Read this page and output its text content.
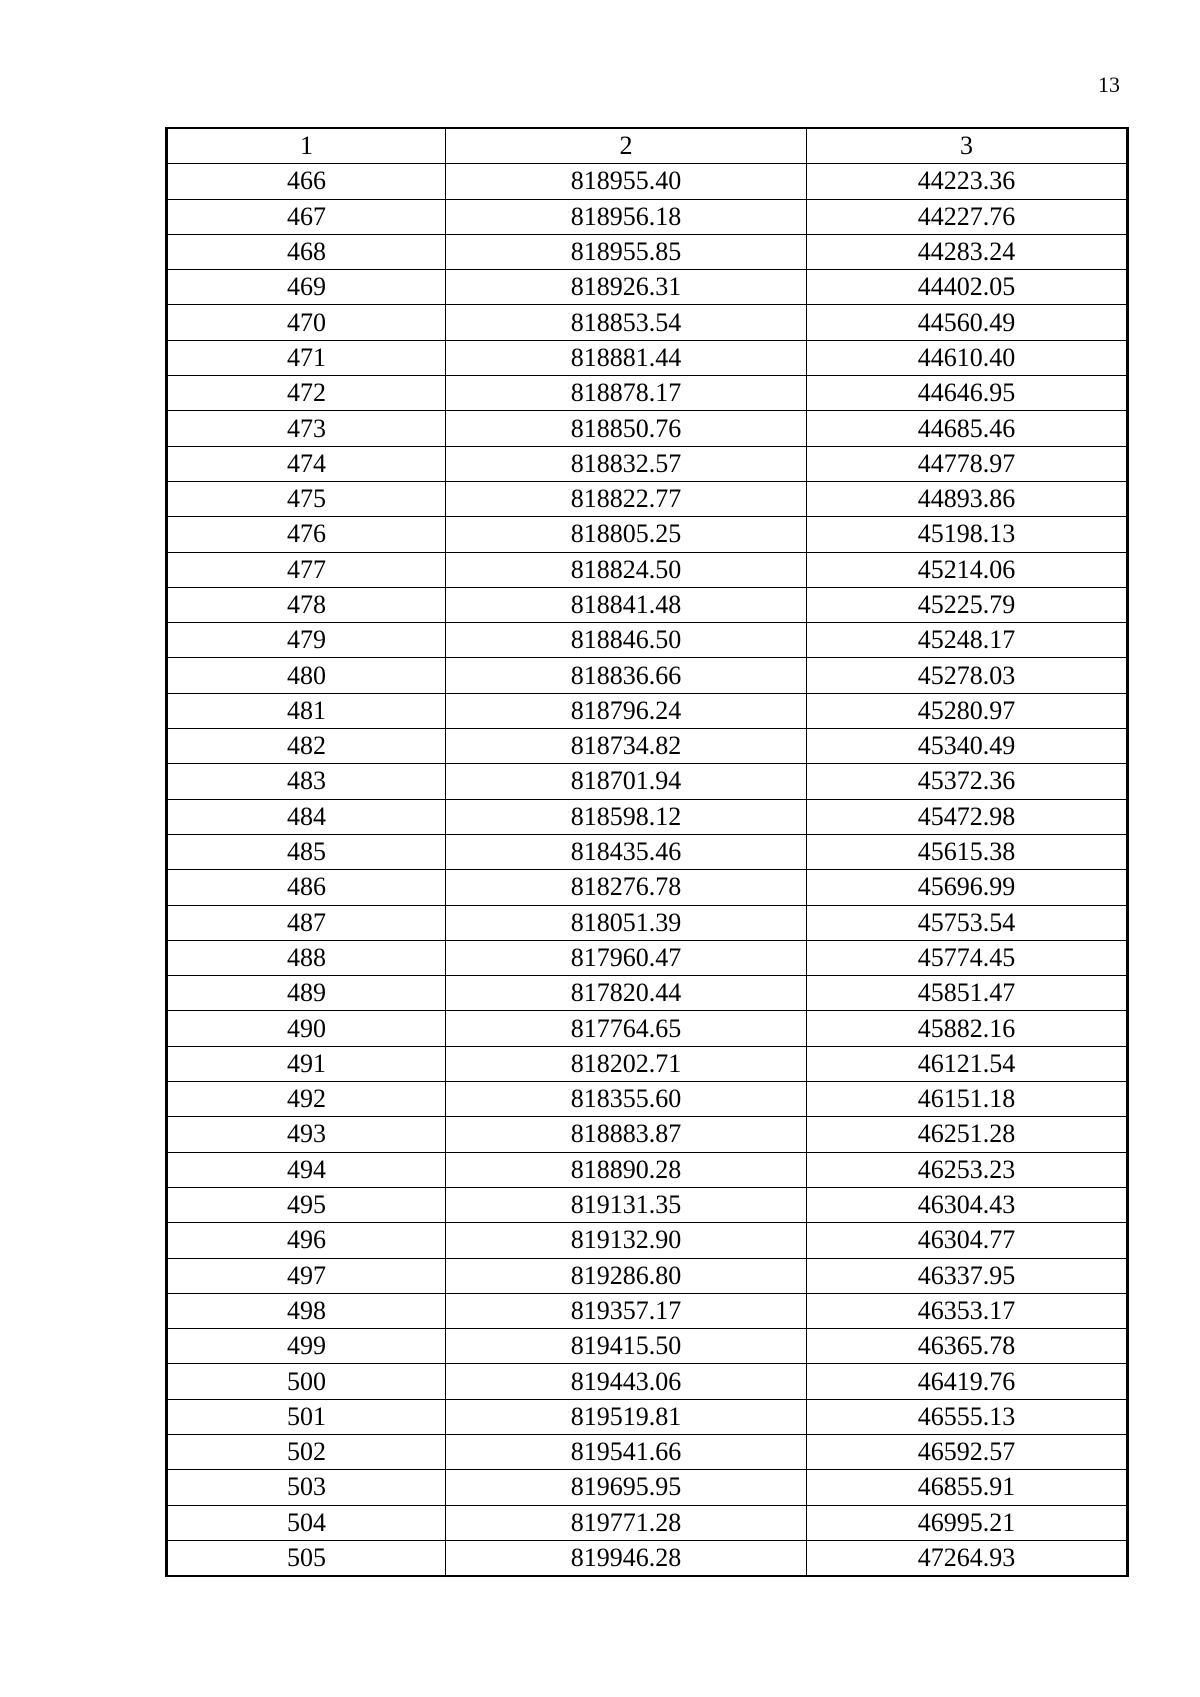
13
1	2	3
466	818955.40	44223.36
467	818956.18	44227.76
468	818955.85	44283.24
469	818926.31	44402.05
470	818853.54	44560.49
471	818881.44	44610.40
472	818878.17	44646.95
473	818850.76	44685.46
474	818832.57	44778.97
475	818822.77	44893.86
476	818805.25	45198.13
477	818824.50	45214.06
478	818841.48	45225.79
479	818846.50	45248.17
480	818836.66	45278.03
481	818796.24	45280.97
482	818734.82	45340.49
483	818701.94	45372.36
484	818598.12	45472.98
485	818435.46	45615.38
486	818276.78	45696.99
487	818051.39	45753.54
488	817960.47	45774.45
489	817820.44	45851.47
490	817764.65	45882.16
491	818202.71	46121.54
492	818355.60	46151.18
493	818883.87	46251.28
494	818890.28	46253.23
495	819131.35	46304.43
496	819132.90	46304.77
497	819286.80	46337.95
498	819357.17	46353.17
499	819415.50	46365.78
500	819443.06	46419.76
501	819519.81	46555.13
502	819541.66	46592.57
503	819695.95	46855.91
504	819771.28	46995.21
505	819946.28	47264.93
